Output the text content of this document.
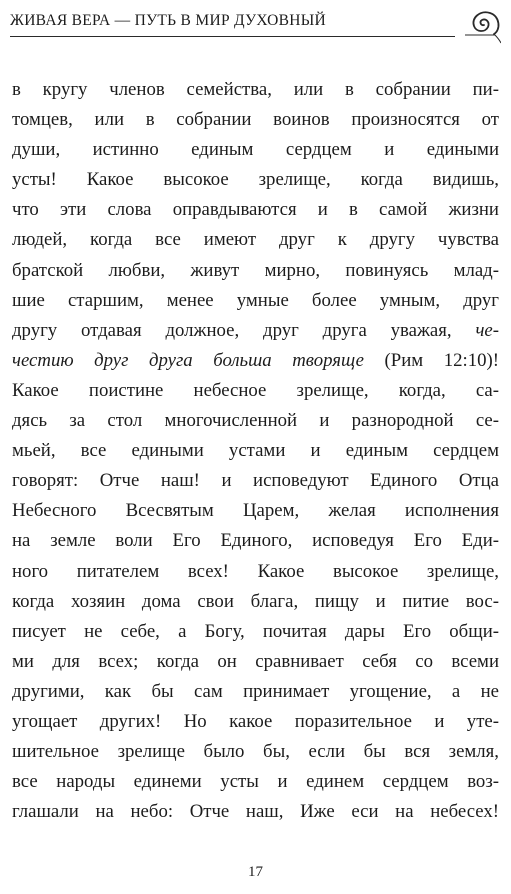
ЖИВАЯ ВЕРА — ПУТЬ В МИР ДУХОВНЫЙ
в кругу членов семейства, или в собрании пи-
томцев, или в собрании воинов произносятся от
души, истинно единым сердцем и едиными
усты! Какое высокое зрелище, когда видишь,
что эти слова оправдываются и в самой жизни
людей, когда все имеют друг к другу чувства
братской любви, живут мирно, повинуясь млад-
шие старшим, менее умные более умным, друг
другу отдавая должное, друг друга уважая, че-
честию друг друга больша творяще (Рим 12:10)!
Какое поистине небесное зрелище, когда, са-
дясь за стол многочисленной и разнородной се-
мьей, все едиными устами и единым сердцем
говорят: Отче наш! и исповедуют Единого Отца
Небесного Всесвятым Царем, желая исполнения
на земле воли Его Единого, исповедуя Его Еди-
ного питателем всех! Какое высокое зрелище,
когда хозяин дома свои блага, пищу и питие вос-
писует не себе, а Богу, почитая дары Его общи-
ми для всех; когда он сравнивает себя со всеми
другими, как бы сам принимает угощение, а не
угощает других! Но какое поразительное и уте-
шительное зрелище было бы, если бы вся земля,
все народы единеми усты и единем сердцем воз-
глашали на небо: Отче наш, Иже еси на небесех!
17
